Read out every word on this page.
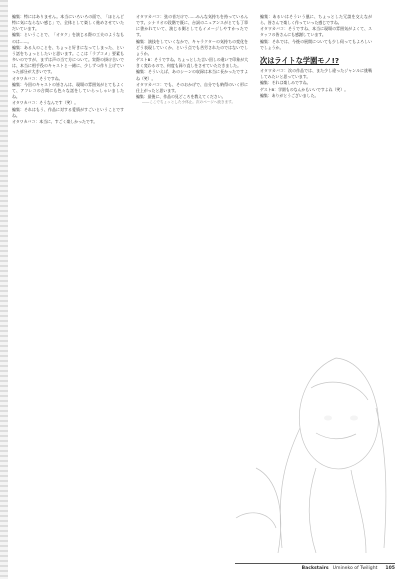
編集：特にはありません。本当にいろいろの面で、「ほとんど特に気にならない感じ」で、全体として楽しく進めさせていただいています。

編集：ということで、「オタク」を演じる際の工夫のようなものは……。

編集：ある人のことを、ちょっと好きになってしまった、という話をちょっとしたいと思います。ここは「ラブコメ」要素も多いのですが、まずは声の当て方について。実際の掛け合いでは、本当に相手役のキャストと一緒に、少しずつ作り上げていった部分が大きいです。

オタワカバコ：そうですね。

編集：今回のキャストの皆さんは、現場の雰囲気がとてもよくて、アフレコの合間にも色々な話をしていらっしゃいましたね。

オタワカバコ：そうなんです（笑）。

編集：それはもう、作品に対する愛情がすごいということですね。

オタワカバコ：本当に、すごく楽しかったです。

オタワカバコ：弦の音だけで……みんな気持ちを持っているんです。シナリオの段階で既に、台詞のニュアンスがとても丁寧に書かれていて、演じる側としてもイメージしやすかったです。

編集：演技をしていくなかで、キャラクターの気持ちの変化をどう表現していくか、という点でも苦労されたのではないでしょうか。

ゲストB：そうですね。ちょっとした言い回しの違いで印象が大きく変わるので、何度も録り直しをさせていただきました。

編集：そういえば、あのシーンの収録は本当に長かったですよね（笑）。

オタワカバコ：でも、そのおかげで、自分でも納得のいく形に仕上がったと思います。

編集：最後に、作品の見どころを教えてください。

――ここでちょっとした小休止。次のページへ続きます。

編集：あるいはそういう風に、ちょっとした冗談を交えながら、皆さんで楽しく作っていった感じですね。

オタワカバコ：そうですね、本当に現場の雰囲気がよくて、スタッフの皆さんにも感謝しています。

編集：それでは、今後の展開についても少し伺ってもよろしいでしょうか。

次はライトな学園モノ!?

オタワカバコ：次の作品では、また少し違ったジャンルに挑戦してみたいと思っています。

編集：それは楽しみですね。

ゲストB：学園ものなんかもいいですよね（笑）。

編集：ありがとうございました。

Backstairs Umineko of Twilight 105
